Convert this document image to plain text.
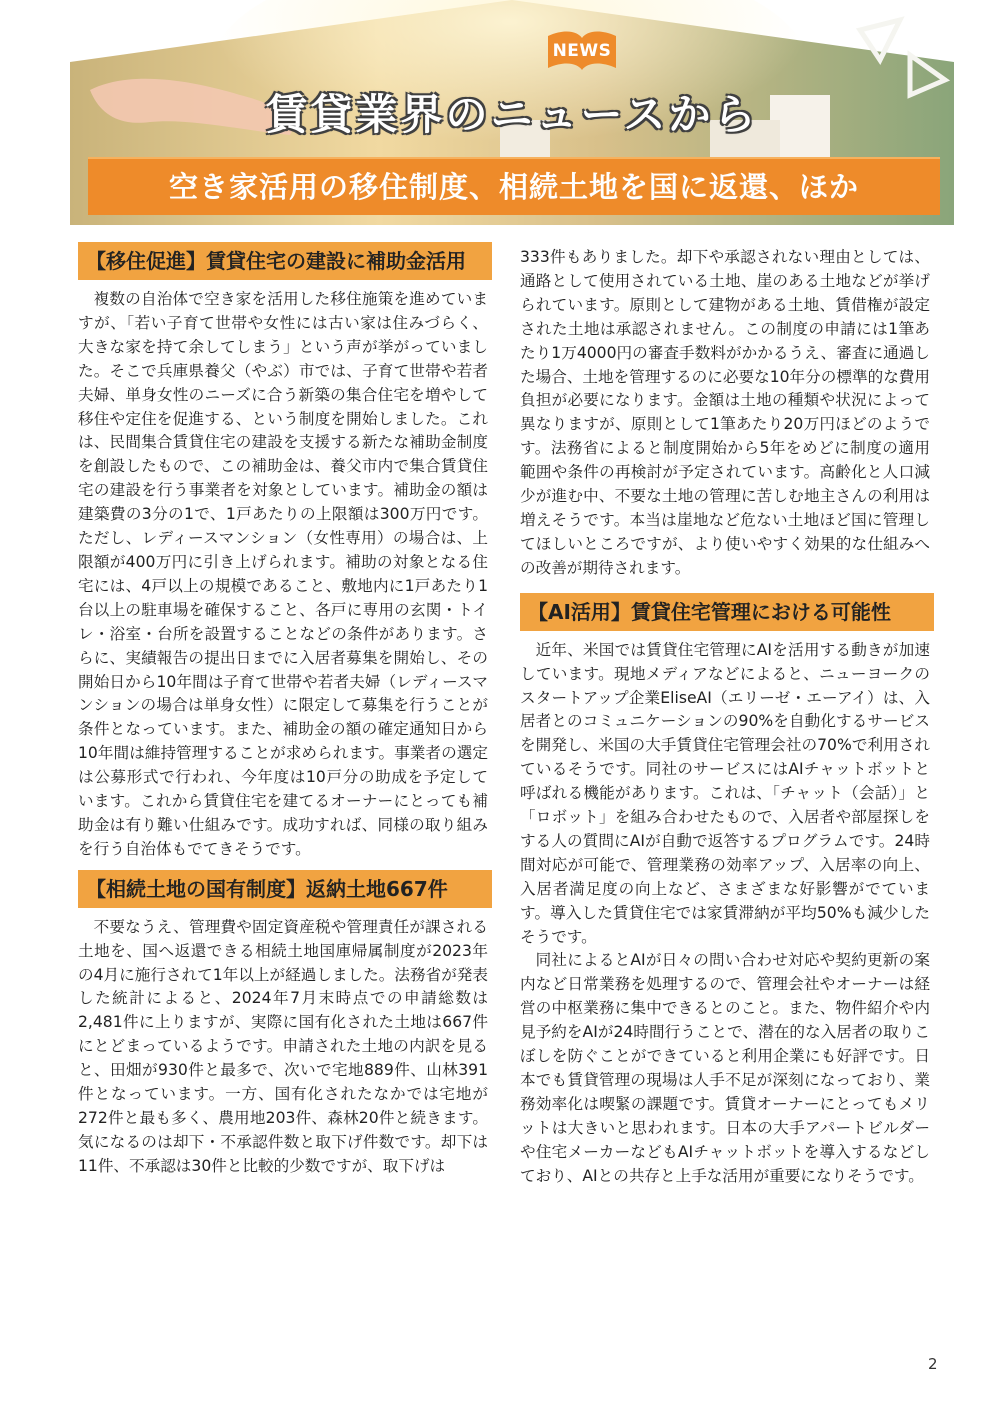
NEWS
賃貸業界のニュースから
空き家活用の移住制度、相続土地を国に返還、ほか
【移住促進】賃貸住宅の建設に補助金活用

複数の自治体で空き家を活用した移住施策を進めていますが、「若い子育て世帯や女性には古い家は住みづらく、大きな家を持て余してしまう」という声が挙がっていました。そこで兵庫県養父（やぶ）市では、子育て世帯や若者夫婦、単身女性のニーズに合う新築の集合住宅を増やして移住や定住を促進する、という制度を開始しました。これは、民間集合賃貸住宅の建設を支援する新たな補助金制度を創設したもので、この補助金は、養父市内で集合賃貸住宅の建設を行う事業者を対象としています。補助金の額は建築費の3分の1で、1戸あたりの上限額は300万円です。ただし、レディースマンション（女性専用）の場合は、上限額が400万円に引き上げられます。補助の対象となる住宅には、4戸以上の規模であること、敷地内に1戸あたり1台以上の駐車場を確保すること、各戸に専用の玄関・トイレ・浴室・台所を設置することなどの条件があります。さらに、実績報告の提出日までに入居者募集を開始し、その開始日から10年間は子育て世帯や若者夫婦（レディースマンションの場合は単身女性）に限定して募集を行うことが条件となっています。また、補助金の額の確定通知日から10年間は維持管理することが求められます。事業者の選定は公募形式で行われ、今年度は10戸分の助成を予定しています。これから賃貸住宅を建てるオーナーにとっても補助金は有り難い仕組みです。成功すれば、同様の取り組みを行う自治体もでてきそうです。

【相続土地の国有制度】返納土地667件

不要なうえ、管理費や固定資産税や管理責任が課される土地を、国へ返還できる相続土地国庫帰属制度が2023年の4月に施行されて1年以上が経過しました。法務省が発表した統計によると、2024年7月末時点での申請総数は2,481件に上りますが、実際に国有化された土地は667件にとどまっているようです。申請された土地の内訳を見ると、田畑が930件と最多で、次いで宅地889件、山林391件となっています。一方、国有化されたなかでは宅地が272件と最も多く、農用地203件、森林20件と続きます。気になるのは却下・不承認件数と取下げ件数です。却下は11件、不承認は30件と比較的少数ですが、取下げは

333件もありました。却下や承認されない理由としては、通路として使用されている土地、崖のある土地などが挙げられています。原則として建物がある土地、賃借権が設定された土地は承認されません。この制度の申請には1筆あたり1万4000円の審査手数料がかかるうえ、審査に通過した場合、土地を管理するのに必要な10年分の標準的な費用負担が必要になります。金額は土地の種類や状況によって異なりますが、原則として1筆あたり20万円ほどのようです。法務省によると制度開始から5年をめどに制度の適用範囲や条件の再検討が予定されています。高齢化と人口減少が進む中、不要な土地の管理に苦しむ地主さんの利用は増えそうです。本当は崖地など危ない土地ほど国に管理してほしいところですが、より使いやすく効果的な仕組みへの改善が期待されます。

【AI活用】賃貸住宅管理における可能性

近年、米国では賃貸住宅管理にAIを活用する動きが加速しています。現地メディアなどによると、ニューヨークのスタートアップ企業EliseAI（エリーゼ・エーアイ）は、入居者とのコミュニケーションの90%を自動化するサービスを開発し、米国の大手賃貸住宅管理会社の70%で利用されているそうです。同社のサービスにはAIチャットボットと呼ばれる機能があります。これは、「チャット（会話）」と「ロボット」を組み合わせたもので、入居者や部屋探しをする人の質問にAIが自動で返答するプログラムです。24時間対応が可能で、管理業務の効率アップ、入居率の向上、入居者満足度の向上など、さまざまな好影響がでています。導入した賃貸住宅では家賃滞納が平均50%も減少したそうです。

同社によるとAIが日々の問い合わせ対応や契約更新の案内など日常業務を処理するので、管理会社やオーナーは経営の中枢業務に集中できるとのこと。また、物件紹介や内見予約をAIが24時間行うことで、潜在的な入居者の取りこぼしを防ぐことができていると利用企業にも好評です。日本でも賃貸管理の現場は人手不足が深刻になっており、業務効率化は喫緊の課題です。賃貸オーナーにとってもメリットは大きいと思われます。日本の大手アパートビルダーや住宅メーカーなどもAIチャットボットを導入するなどしており、AIとの共存と上手な活用が重要になりそうです。

2
